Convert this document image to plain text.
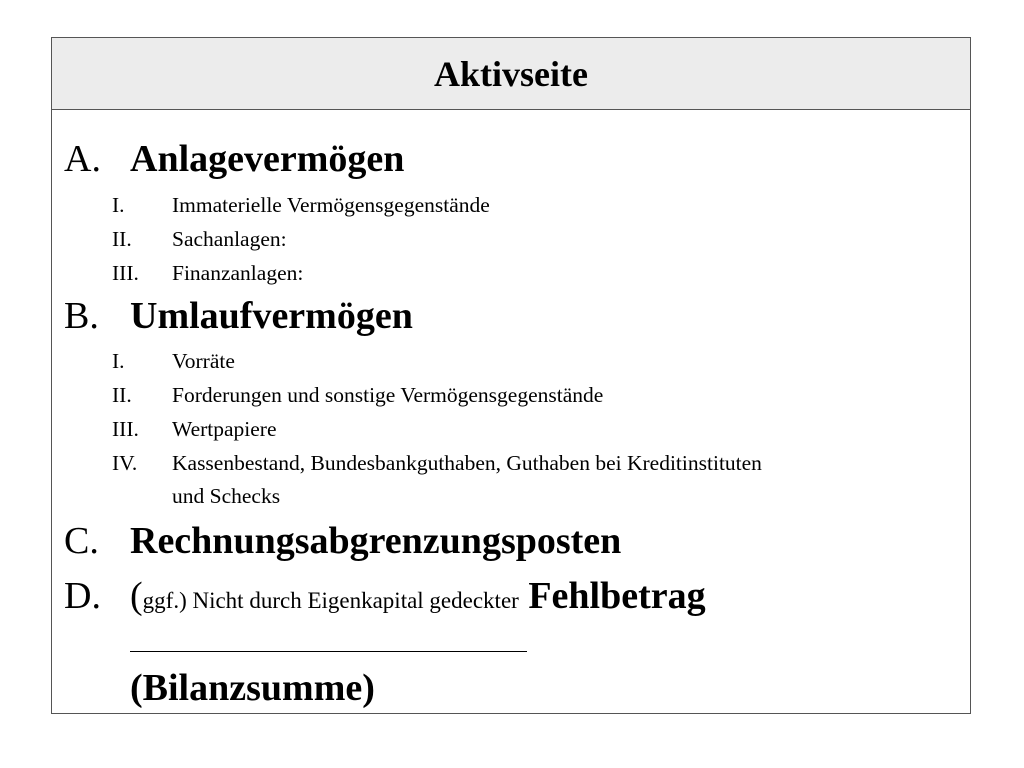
Aktivseite
A. Anlagevermögen
I. Immaterielle Vermögensgegenstände
II. Sachanlagen:
III. Finanzanlagen:
B. Umlaufvermögen
I. Vorräte
II. Forderungen und sonstige Vermögensgegenstände
III. Wertpapiere
IV. Kassenbestand, Bundesbankguthaben, Guthaben bei Kreditinstituten
und Schecks
C. Rechnungsabgrenzungsposten
D. (ggf.) Nicht durch Eigenkapital gedeckter Fehlbetrag
(Bilanzsumme)
